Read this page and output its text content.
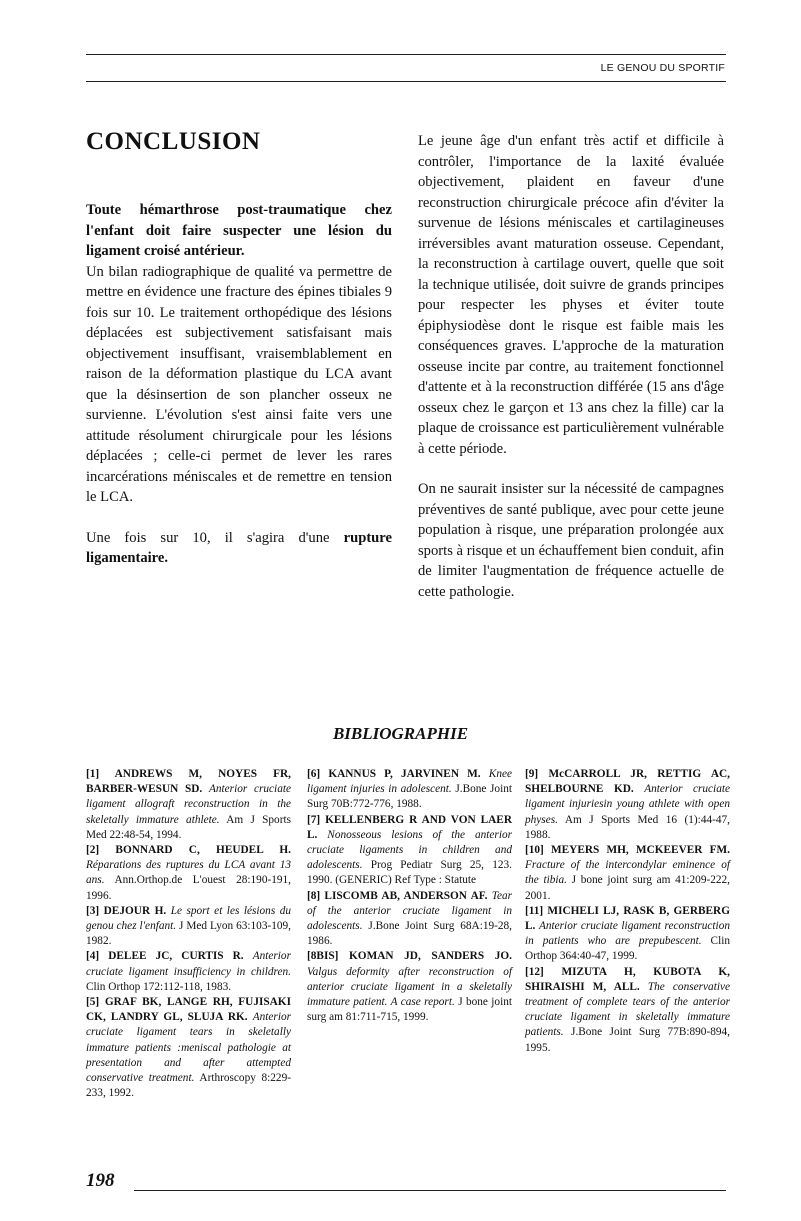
LE GENOU DU SPORTIF
CONCLUSION

Toute hémarthrose post-traumatique chez l'enfant doit faire suspecter une lésion du ligament croisé antérieur.

Un bilan radiographique de qualité va permettre de mettre en évidence une fracture des épines tibiales 9 fois sur 10. Le traitement orthopédique des lésions déplacées est subjectivement satisfaisant mais objectivement insuffisant, vraisemblablement en raison de la déformation plastique du LCA avant que la désinsertion de son plancher osseux ne survienne. L'évolution s'est ainsi faite vers une attitude résolument chirurgicale pour les lésions déplacées ; celle-ci permet de lever les rares incarcérations méniscales et de remettre en tension le LCA.

Une fois sur 10, il s'agira d'une rupture ligamentaire.

Le jeune âge d'un enfant très actif et difficile à contrôler, l'importance de la laxité évaluée objectivement, plaident en faveur d'une reconstruction chirurgicale précoce afin d'éviter la survenue de lésions méniscales et cartilagineuses irréversibles avant maturation osseuse. Cependant, la reconstruction à cartilage ouvert, quelle que soit la technique utilisée, doit suivre de grands principes pour respecter les physes et éviter toute épiphysiodèse dont le risque est faible mais les conséquences graves. L'approche de la maturation osseuse incite par contre, au traitement fonctionnel d'attente et à la reconstruction différée (15 ans d'âge osseux chez le garçon et 13 ans chez la fille) car la plaque de croissance est particulièrement vulnérable à cette période.

On ne saurait insister sur la nécessité de campagnes préventives de santé publique, avec pour cette jeune population à risque, une préparation prolongée aux sports à risque et un échauffement bien conduit, afin de limiter l'augmentation de fréquence actuelle de cette pathologie.

BIBLIOGRAPHIE

[1] ANDREWS M, NOYES FR, BARBER-WESUN SD. Anterior cruciate ligament allograft reconstruction in the skeletally immature athlete. Am J Sports Med 22:48-54, 1994.

[2] BONNARD C, HEUDEL H. Réparations des ruptures du LCA avant 13 ans. Ann.Orthop.de L'ouest 28:190-191, 1996.

[3] DEJOUR H. Le sport et les lésions du genou chez l'enfant. J Med Lyon 63:103-109, 1982.

[4] DELEE JC, CURTIS R. Anterior cruciate ligament insufficiency in children. Clin Orthop 172:112-118, 1983.

[5] GRAF BK, LANGE RH, FUJISAKI CK, LANDRY GL, SLUJA RK. Anterior cruciate ligament tears in skeletally immature patients :meniscal pathologie at presentation and after attempted conservative treatment. Arthroscopy 8:229-233, 1992.

[6] KANNUS P, JARVINEN M. Knee ligament injuries in adolescent. J.Bone Joint Surg 70B:772-776, 1988.

[7] KELLENBERG R AND VON LAER L. Nonosseous lesions of the anterior cruciate ligaments in children and adolescents. Prog Pediatr Surg 25, 123. 1990. (GENERIC) Ref Type : Statute

[8] LISCOMB AB, ANDERSON AF. Tear of the anterior cruciate ligament in adolescents. J.Bone Joint Surg 68A:19-28, 1986.

[8BIS] KOMAN JD, SANDERS JO. Valgus deformity after reconstruction of anterior cruciate ligament in a skeletally immature patient. A case report. J bone joint surg am 81:711-715, 1999.

[9] McCARROLL JR, RETTIG AC, SHELBOURNE KD. Anterior cruciate ligament injuriesin young athlete with open physes. Am J Sports Med 16 (1):44-47, 1988.

[10] MEYERS MH, MCKEEVER FM. Fracture of the intercondylar eminence of the tibia. J bone joint surg am 41:209-222, 2001.

[11] MICHELI LJ, RASK B, GERBERG L. Anterior cruciate ligament reconstruction in patients who are prepubescent. Clin Orthop 364:40-47, 1999.

[12] MIZUTA H, KUBOTA K, SHIRAISHI M, ALL. The conservative treatment of complete tears of the anterior cruciate ligament in skeletally immature patients. J.Bone Joint Surg 77B:890-894, 1995.

198
